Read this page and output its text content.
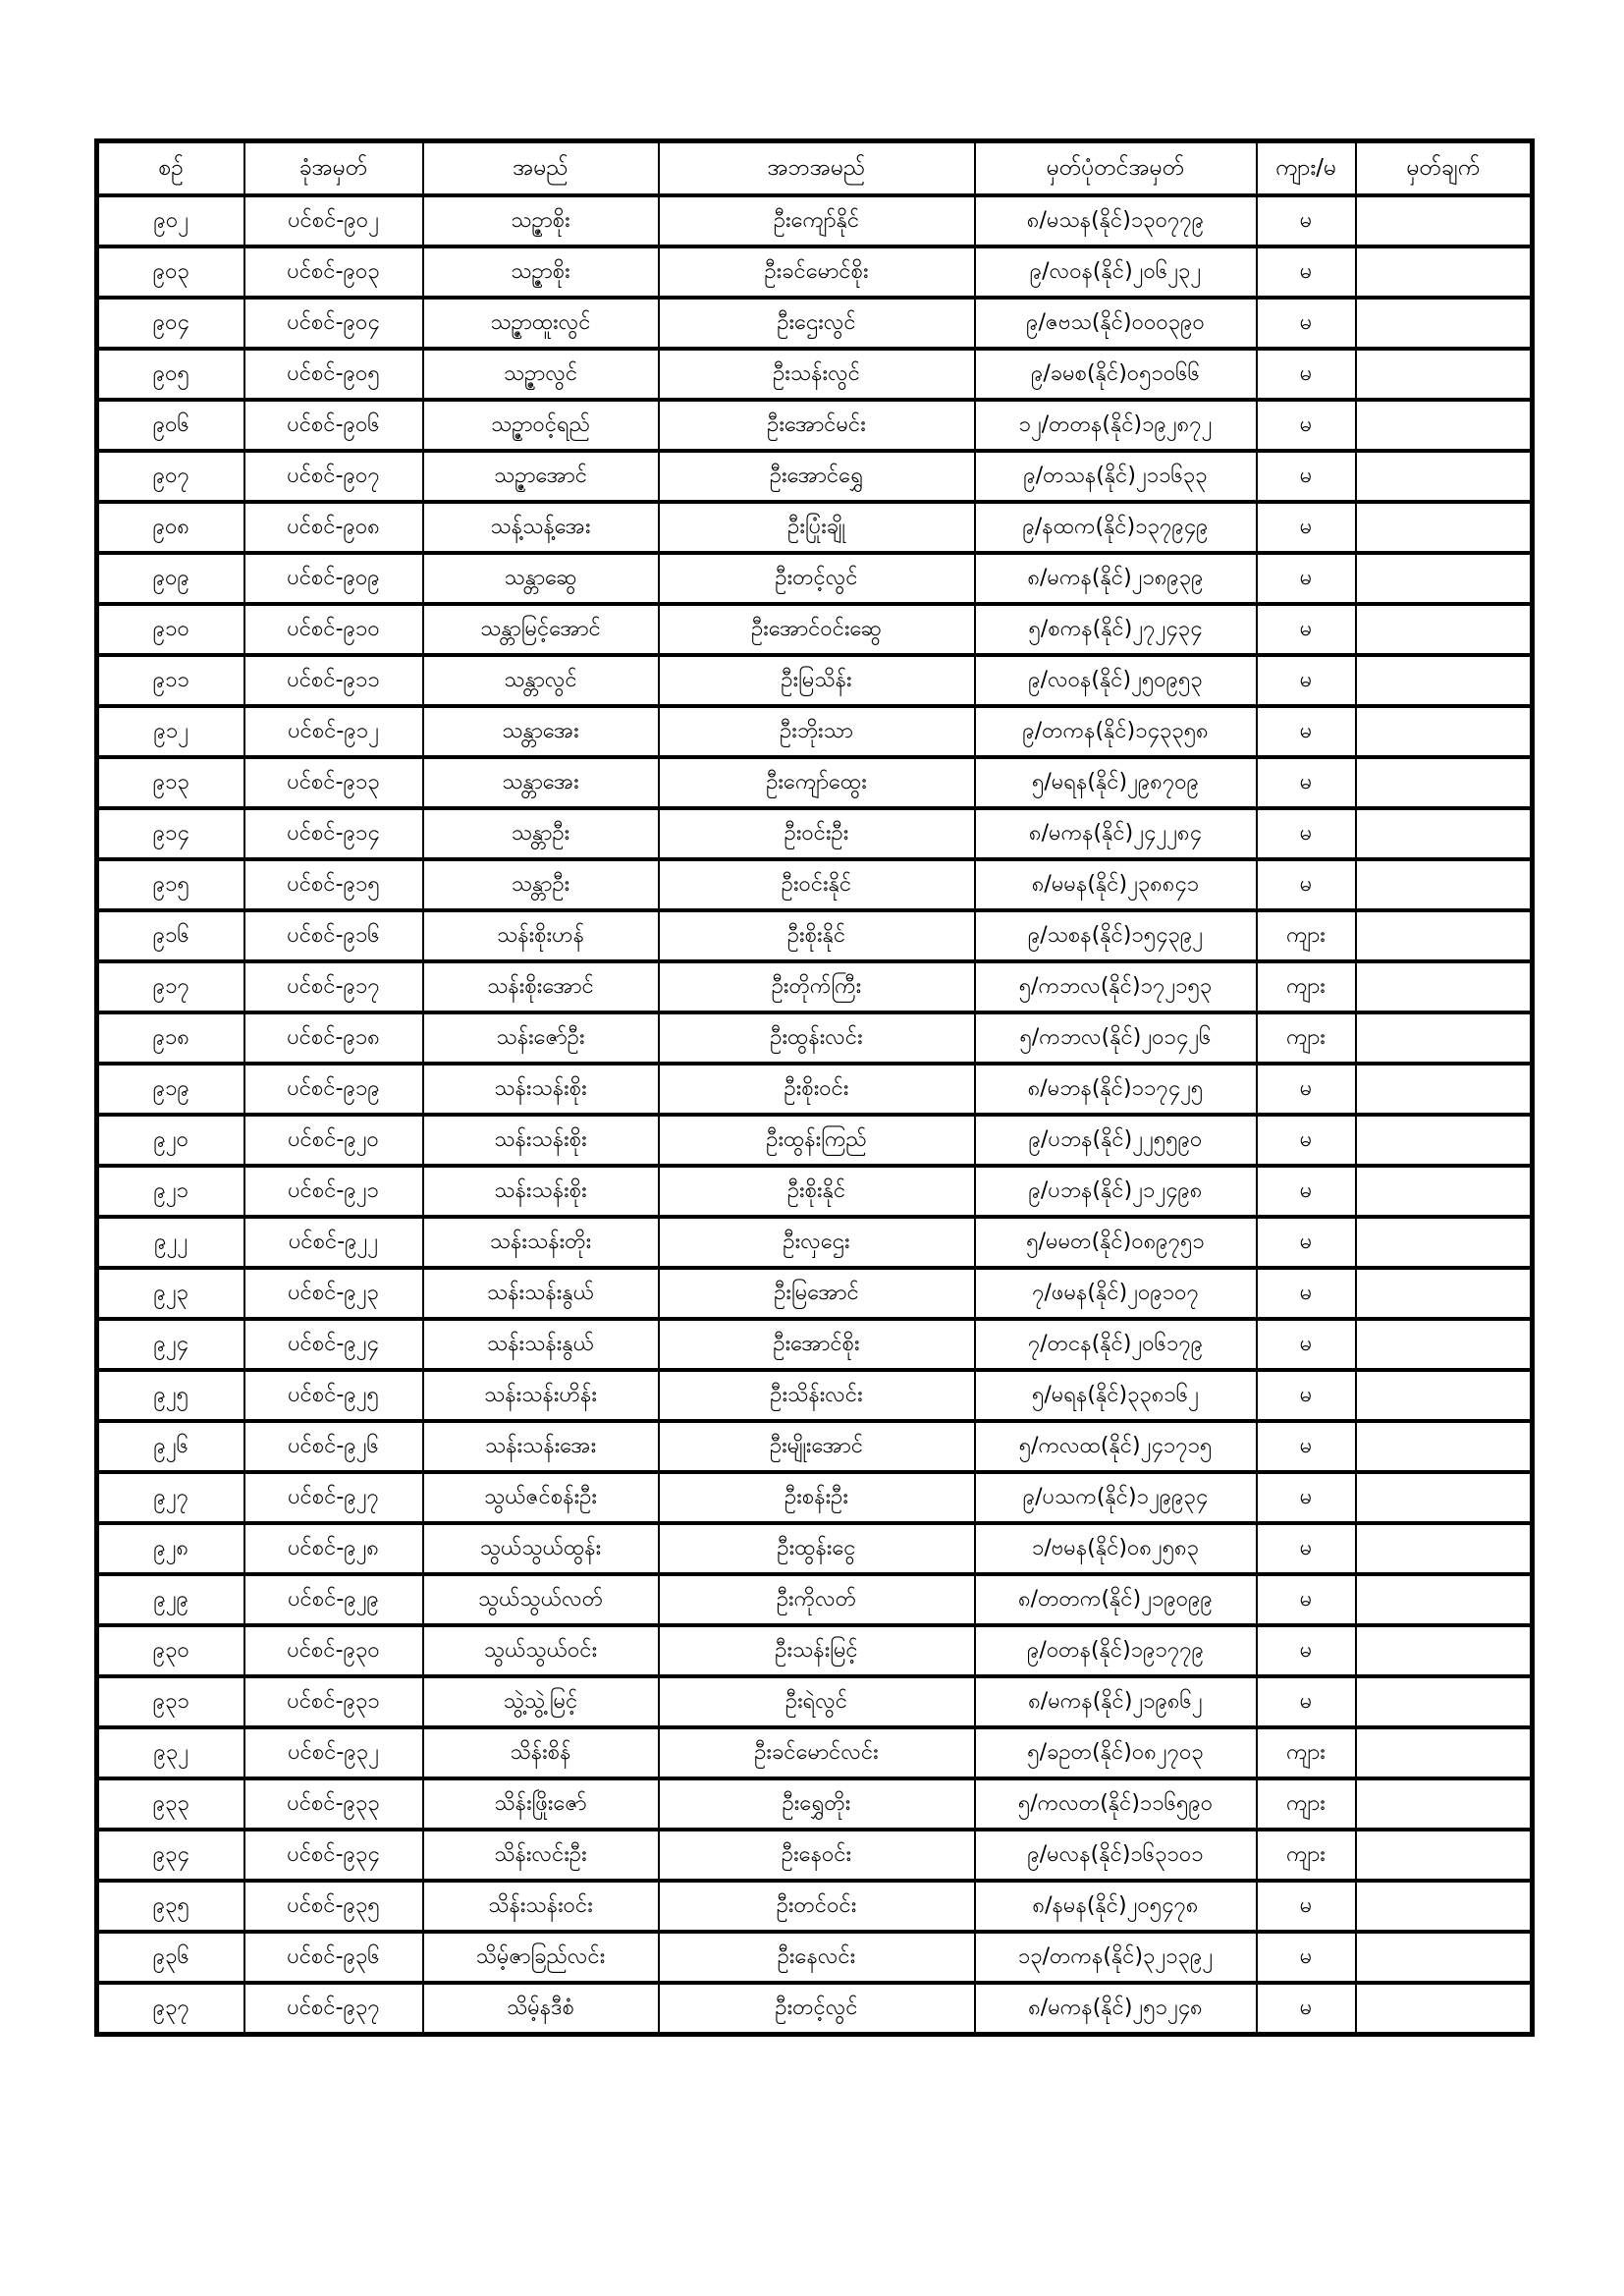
စဉ်	ခုံအမှတ်	အမည်	အဘအမည်	မှတ်ပုံတင်အမှတ်	ကျား/မ	မှတ်ချက်
၉၀၂	ပင်စင်-၉၀၂	သဉ္ဇာစိုး	ဦးကျော်နိုင်	၈/မသန(နိုင်)၁၃၀၇၇၉	မ	
၉၀၃	ပင်စင်-၉၀၃	သဉ္ဇာစိုး	ဦးခင်မောင်စိုး	၉/လဝန(နိုင်)၂၀၆၂၃၂	မ	
၉၀၄	ပင်စင်-၉၀၄	သဉ္ဇာထူးလွင်	ဦးဌေးလွင်	၉/ဇဗသ(နိုင်)၀၀၀၃၉၀	မ	
၉၀၅	ပင်စင်-၉၀၅	သဉ္ဇာလွင်	ဦးသန်းလွင်	၉/ခမစ(နိုင်)၀၅၁၀၆၆	မ	
၉၀၆	ပင်စင်-၉၀၆	သဉ္ဇာဝင့်ရည်	ဦးအောင်မင်း	၁၂/တတန(နိုင်)၁၉၂၈၇၂	မ	
၉၀၇	ပင်စင်-၉၀၇	သဉ္ဇာအောင်	ဦးအောင်ရွှေ	၉/တသန(နိုင်)၂၁၁၆၃၃	မ	
၉၀၈	ပင်စင်-၉၀၈	သန့်သန့်အေး	ဦးပြုံးချို	၉/နထက(နိုင်)၁၃၇၉၄၉	မ	
၉၀၉	ပင်စင်-၉၀၉	သန္တာဆွေ	ဦးတင့်လွင်	၈/မကန(နိုင်)၂၁၈၉၃၉	မ	
၉၁၀	ပင်စင်-၉၁၀	သန္တာမြင့်အောင်	ဦးအောင်ဝင်းဆွေ	၅/စကန(နိုင်)၂၇၂၄၃၄	မ	
၉၁၁	ပင်စင်-၉၁၁	သန္တာလွင်	ဦးမြသိန်း	၉/လဝန(နိုင်)၂၅၀၉၅၃	မ	
၉၁၂	ပင်စင်-၉၁၂	သန္တာအေး	ဦးဘိုးသာ	၉/တကန(နိုင်)၁၄၃၃၅၈	မ	
၉၁၃	ပင်စင်-၉၁၃	သန္တာအေး	ဦးကျော်ထွေး	၅/မရန(နိုင်)၂၉၈၇၀၉	မ	
၉၁၄	ပင်စင်-၉၁၄	သန္တာဦး	ဦးဝင်းဦး	၈/မကန(နိုင်)၂၄၂၂၈၄	မ	
၉၁၅	ပင်စင်-၉၁၅	သန္တာဦး	ဦးဝင်းနိုင်	၈/မမန(နိုင်)၂၃၈၈၄၁	မ	
၉၁၆	ပင်စင်-၉၁၆	သန်းစိုးဟန်	ဦးစိုးနိုင်	၉/သစန(နိုင်)၁၅၄၃၉၂	ကျား	
၉၁၇	ပင်စင်-၉၁၇	သန်းစိုးအောင်	ဦးတိုက်ကြီး	၅/ကဘလ(နိုင်)၁၇၂၁၅၃	ကျား	
၉၁၈	ပင်စင်-၉၁၈	သန်းဇော်ဦး	ဦးထွန်းလင်း	၅/ကဘလ(နိုင်)၂၀၁၄၂၆	ကျား	
၉၁၉	ပင်စင်-၉၁၉	သန်းသန်းစိုး	ဦးစိုးဝင်း	၈/မဘန(နိုင်)၁၁၇၄၂၅	မ	
၉၂၀	ပင်စင်-၉၂၀	သန်းသန်းစိုး	ဦးထွန်းကြည်	၉/ပဘန(နိုင်)၂၂၅၅၉၀	မ	
၉၂၁	ပင်စင်-၉၂၁	သန်းသန်းစိုး	ဦးစိုးနိုင်	၉/ပဘန(နိုင်)၂၁၂၄၉၈	မ	
၉၂၂	ပင်စင်-၉၂၂	သန်းသန်းတိုး	ဦးလှဌေး	၅/မမတ(နိုင်)၀၈၉၇၅၁	မ	
၉၂၃	ပင်စင်-၉၂၃	သန်းသန်းနွယ်	ဦးမြအောင်	၇/ဖမန(နိုင်)၂၀၉၁၀၇	မ	
၉၂၄	ပင်စင်-၉၂၄	သန်းသန်းနွယ်	ဦးအောင်စိုး	၇/တငန(နိုင်)၂၀၆၁၇၉	မ	
၉၂၅	ပင်စင်-၉၂၅	သန်းသန်းဟိန်း	ဦးသိန်းလင်း	၅/မရန(နိုင်)၃၃၈၁၆၂	မ	
၉၂၆	ပင်စင်-၉၂၆	သန်းသန်းအေး	ဦးမျိုးအောင်	၅/ကလထ(နိုင်)၂၄၁၇၁၅	မ	
၉၂၇	ပင်စင်-၉၂၇	သွယ်ဇင်စန်းဦး	ဦးစန်းဦး	၉/ပသက(နိုင်)၁၂၉၉၃၄	မ	
၉၂၈	ပင်စင်-၉၂၈	သွယ်သွယ်ထွန်း	ဦးထွန်းငွေ	၁/ဗမန(နိုင်)၀၈၂၅၈၃	မ	
၉၂၉	ပင်စင်-၉၂၉	သွယ်သွယ်လတ်	ဦးကိုလတ်	၈/တတက(နိုင်)၂၁၉၀၉၉	မ	
၉၃၀	ပင်စင်-၉၃၀	သွယ်သွယ်ဝင်း	ဦးသန်းမြင့်	၉/ဝတန(နိုင်)၁၉၁၇၇၉	မ	
၉၃၁	ပင်စင်-၉၃၁	သွဲ့သွဲ့မြင့်	ဦးရဲလွင်	၈/မကန(နိုင်)၂၁၉၈၆၂	မ	
၉၃၂	ပင်စင်-၉၃၂	သိန်းစိန်	ဦးခင်မောင်လင်း	၅/ခဥတ(နိုင်)၀၈၂၇၀၃	ကျား	
၉၃၃	ပင်စင်-၉၃၃	သိန်းဖြိုးဇော်	ဦးရွှေတိုး	၅/ကလတ(နိုင်)၁၁၆၅၉၀	ကျား	
၉၃၄	ပင်စင်-၉၃၄	သိန်းလင်းဦး	ဦးနေဝင်း	၉/မလန(နိုင်)၁၆၃၁၀၁	ကျား	
၉၃၅	ပင်စင်-၉၃၅	သိန်းသန်းဝင်း	ဦးတင်ဝင်း	၈/နမန(နိုင်)၂၀၅၄၇၈	မ	
၉၃၆	ပင်စင်-၉၃၆	သိမ့်ဇာခြည်လင်း	ဦးနေလင်း	၁၃/တကန(နိုင်)၃၂၁၃၉၂	မ	
၉၃၇	ပင်စင်-၉၃၇	သိမ့်နဒီစံ	ဦးတင့်လွင်	၈/မကန(နိုင်)၂၅၁၂၄၈	မ	
